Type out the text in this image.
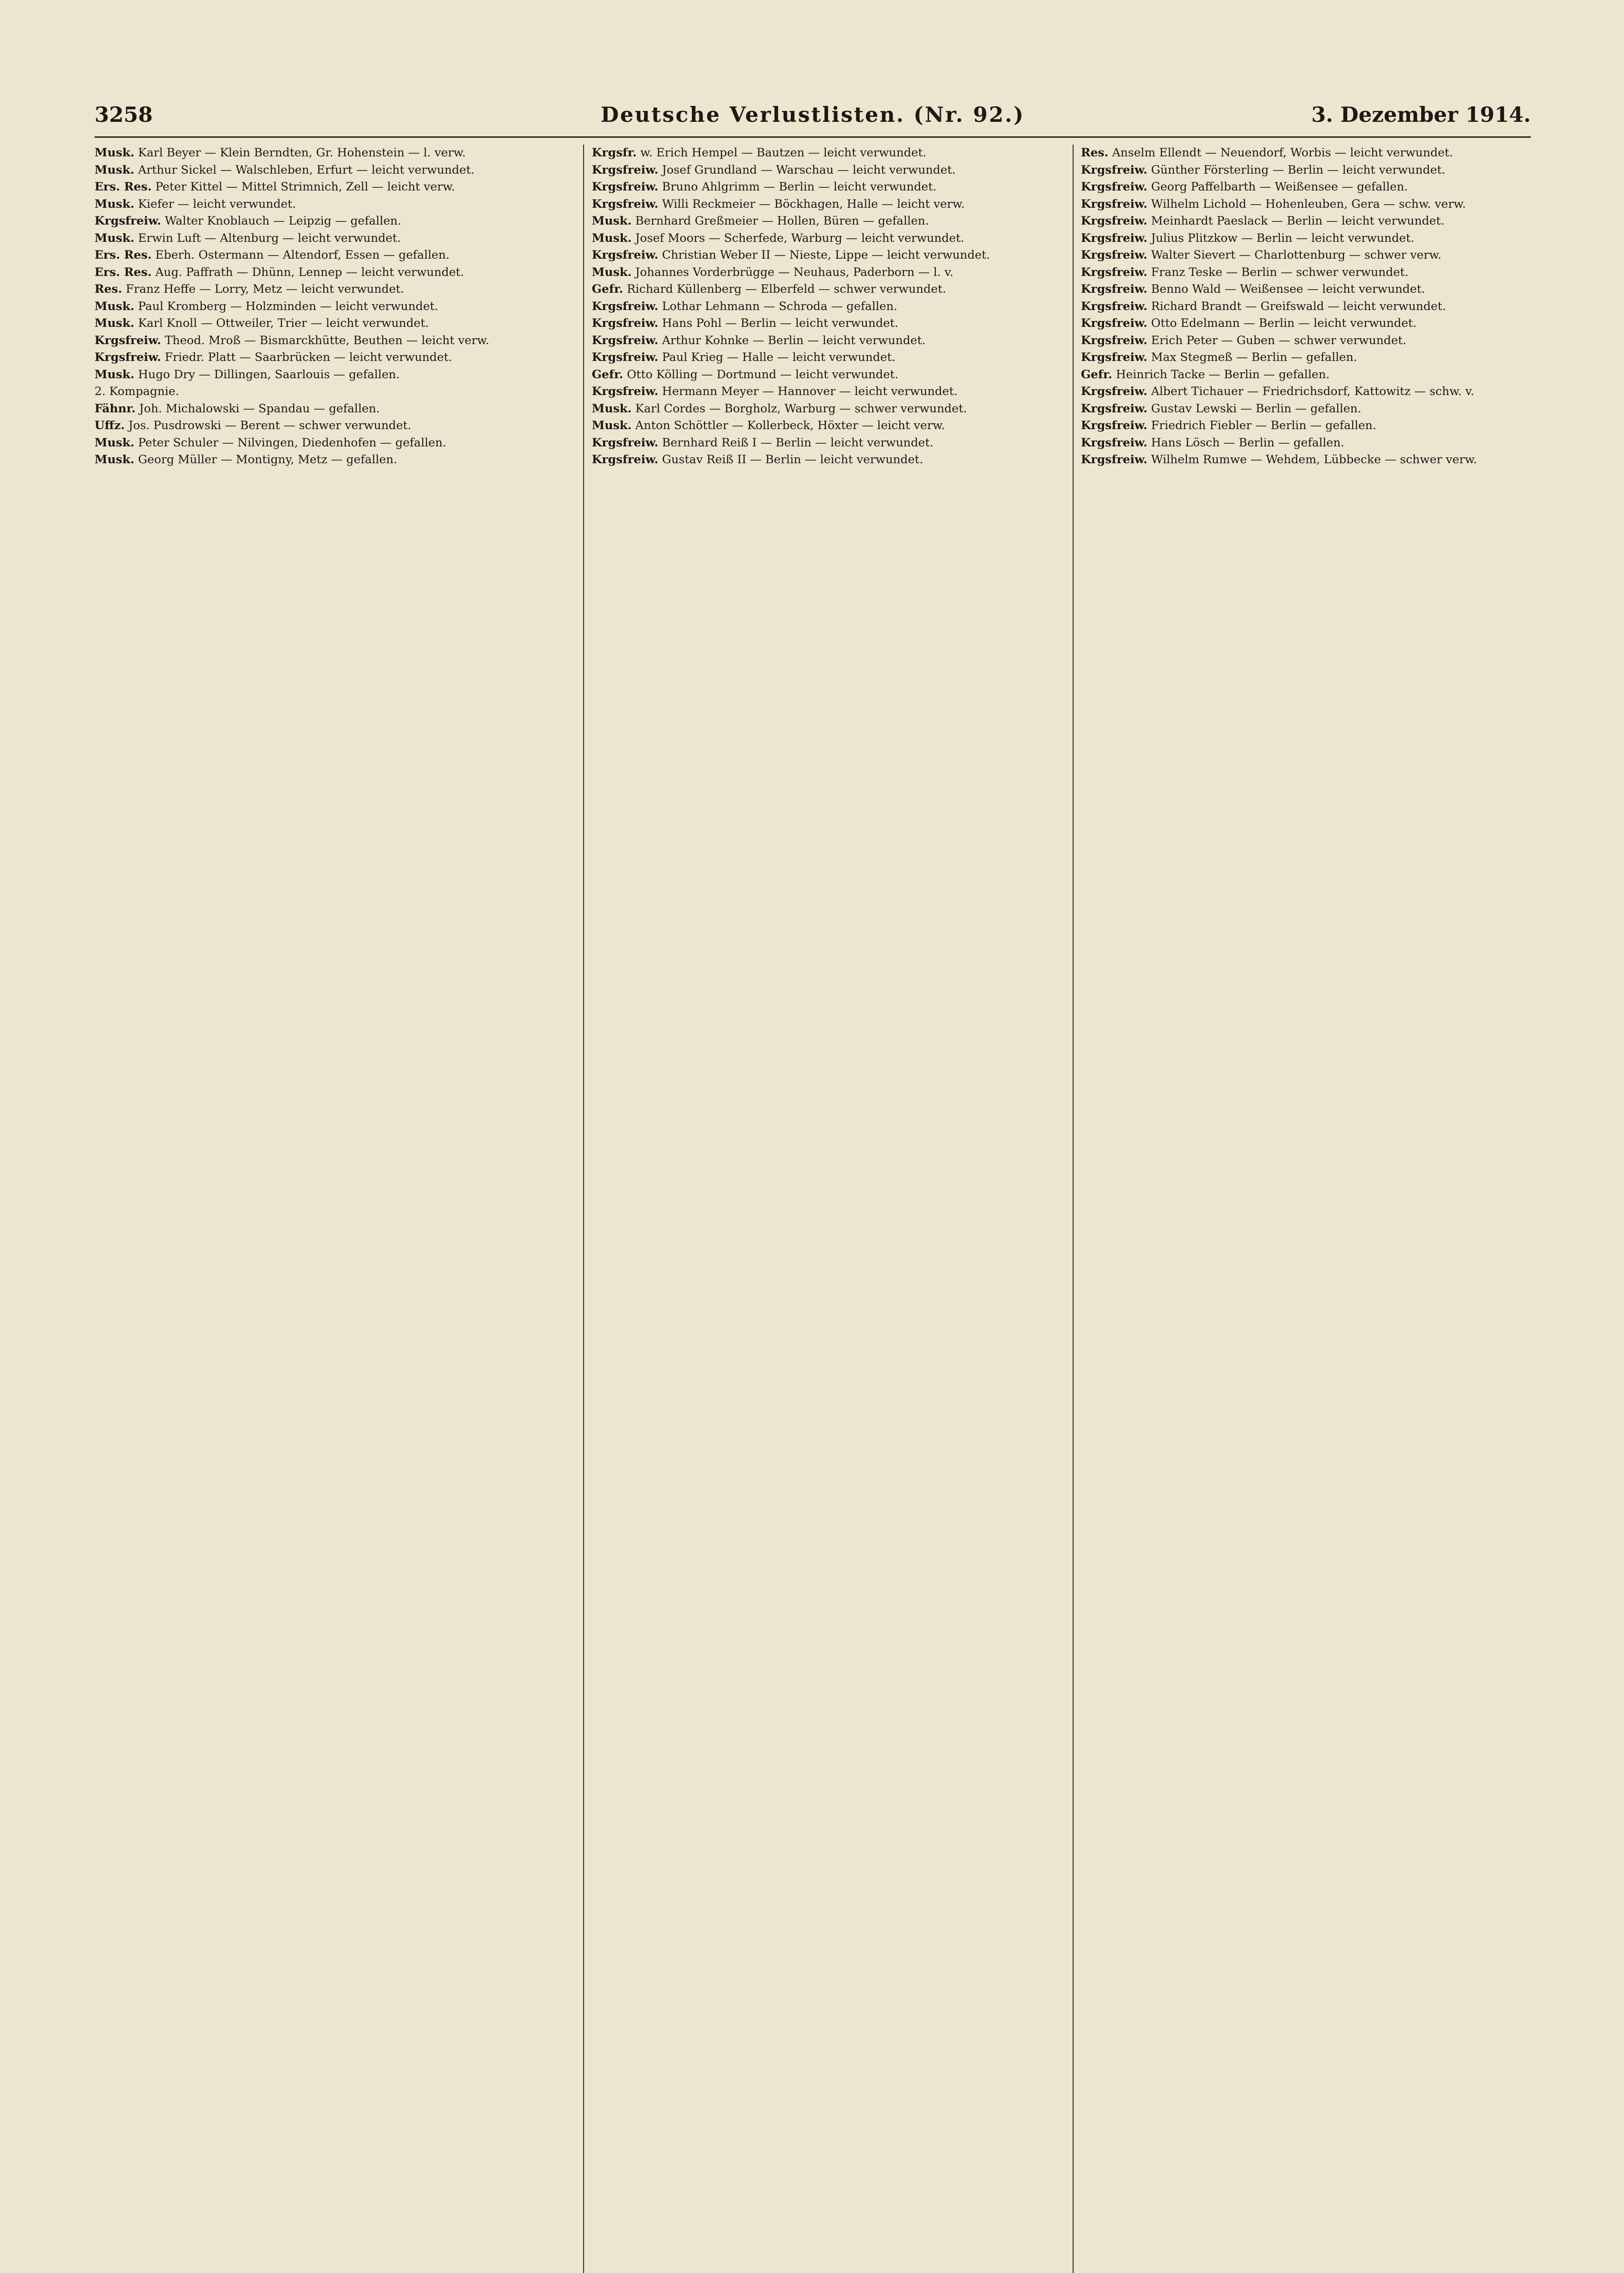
3258	Deutsche Verlustlisten. (Nr. 92.)	3. Dezember 1914.
Musk. Karl Beyer — Klein Berndten, Gr. Hohenstein — l. verw.
Musk. Arthur Sickel — Walschleben, Erfurt — leicht verwundet.
Ers. Res. Peter Kittel — Mittel Strimnich, Zell — leicht verw.
Musk. Kiefer — leicht verwundet.
Krgsfreiw. Walter Knoblauch — Leipzig — gefallen.
Musk. Erwin Luft — Altenburg — leicht verwundet.
Ers. Res. Eberh. Ostermann — Altendorf, Essen — gefallen.
Ers. Res. Aug. Paffrath — Dhünn, Lennep — leicht verwundet.
Res. Franz Heffe — Lorry, Metz — leicht verwundet.
Musk. Paul Kromberg — Holzminden — leicht verwundet.
Musk. Karl Knoll — Ottweiler, Trier — leicht verwundet.
Krgsfreiw. Theod. Mroß — Bismarckhütte, Beuthen — leicht verw.
Krgsfreiw. Friedr. Platt — Saarbrücken — leicht verwundet.
Musk. Hugo Dry — Dillingen, Saarlouis — gefallen.
2. Kompagnie.
Fähnr. Joh. Michalowski — Spandau — gefallen.
Uffz. Jos. Pusdrowski — Berent — schwer verwundet.
Musk. Peter Schuler — Nilvingen, Diedenhofen — gefallen.
Musk. Georg Müller — Montigny, Metz — gefallen.
Krgsfr. w. Erich Hempel — Bautzen — leicht verwundet.
Krgsfreiw. Josef Grundland — Warschau — leicht verwundet.
Krgsfreiw. Bruno Ahlgrimm — Berlin — leicht verwundet.
Krgsfreiw. Willi Reckmeier — Böckhagen, Halle — leicht verw.
Musk. Bernhard Greßmeier — Hollen, Büren — gefallen.
Musk. Josef Moors — Scherfede, Warburg — leicht verwundet.
Krgsfreiw. Christian Weber II — Nieste, Lippe — leicht verwundet.
Musk. Johannes Vorderbrügge — Neuhaus, Paderborn — l. v.
Gefr. Richard Küllenberg — Elberfeld — schwer verwundet.
Krgsfreiw. Lothar Lehmann — Schroda — gefallen.
Krgsfreiw. Hans Pohl — Berlin — leicht verwundet.
Krgsfreiw. Arthur Kohnke — Berlin — leicht verwundet.
Krgsfreiw. Paul Krieg — Halle — leicht verwundet.
Gefr. Otto Kölling — Dortmund — leicht verwundet.
Krgsfreiw. Hermann Meyer — Hannover — leicht verwundet.
Musk. Karl Cordes — Borgholz, Warburg — schwer verwundet.
Musk. Anton Schöttler — Kollerbeck, Höxter — leicht verw.
Krgsfreiw. Bernhard Reiß I — Berlin — leicht verwundet.
Krgsfreiw. Gustav Reiß II — Berlin — leicht verwundet.
Res. Anselm Ellendt — Neuendorf, Worbis — leicht verwundet.
Krgsfreiw. Günther Försterling — Berlin — leicht verwundet.
Krgsfreiw. Georg Paffelbarth — Weißensee — gefallen.
Krgsfreiw. Wilhelm Lichold — Hohenleuben, Gera — schw. verw.
Krgsfreiw. Meinhardt Paeslack — Berlin — leicht verwundet.
Krgsfreiw. Julius Plitzkow — Berlin — leicht verwundet.
Krgsfreiw. Walter Sievert — Charlottenburg — schwer verw.
Krgsfreiw. Franz Teske — Berlin — schwer verwundet.
Krgsfreiw. Benno Wald — Weißensee — leicht verwundet.
Krgsfreiw. Richard Brandt — Greifswald — leicht verwundet.
Krgsfreiw. Otto Edelmann — Berlin — leicht verwundet.
Krgsfreiw. Erich Peter — Guben — schwer verwundet.
Krgsfreiw. Max Stegmeß — Berlin — gefallen.
Gefr. Heinrich Tacke — Berlin — gefallen.
Krgsfreiw. Albert Tichauer — Friedrichsdorf, Kattowitz — schw. v.
Krgsfreiw. Gustav Lewski — Berlin — gefallen.
Krgsfreiw. Friedrich Fiebler — Berlin — gefallen.
Krgsfreiw. Hans Lösch — Berlin — gefallen.
Krgsfreiw. Wilhelm Rumwe — Wehdem, Lübbecke — schwer verw.
